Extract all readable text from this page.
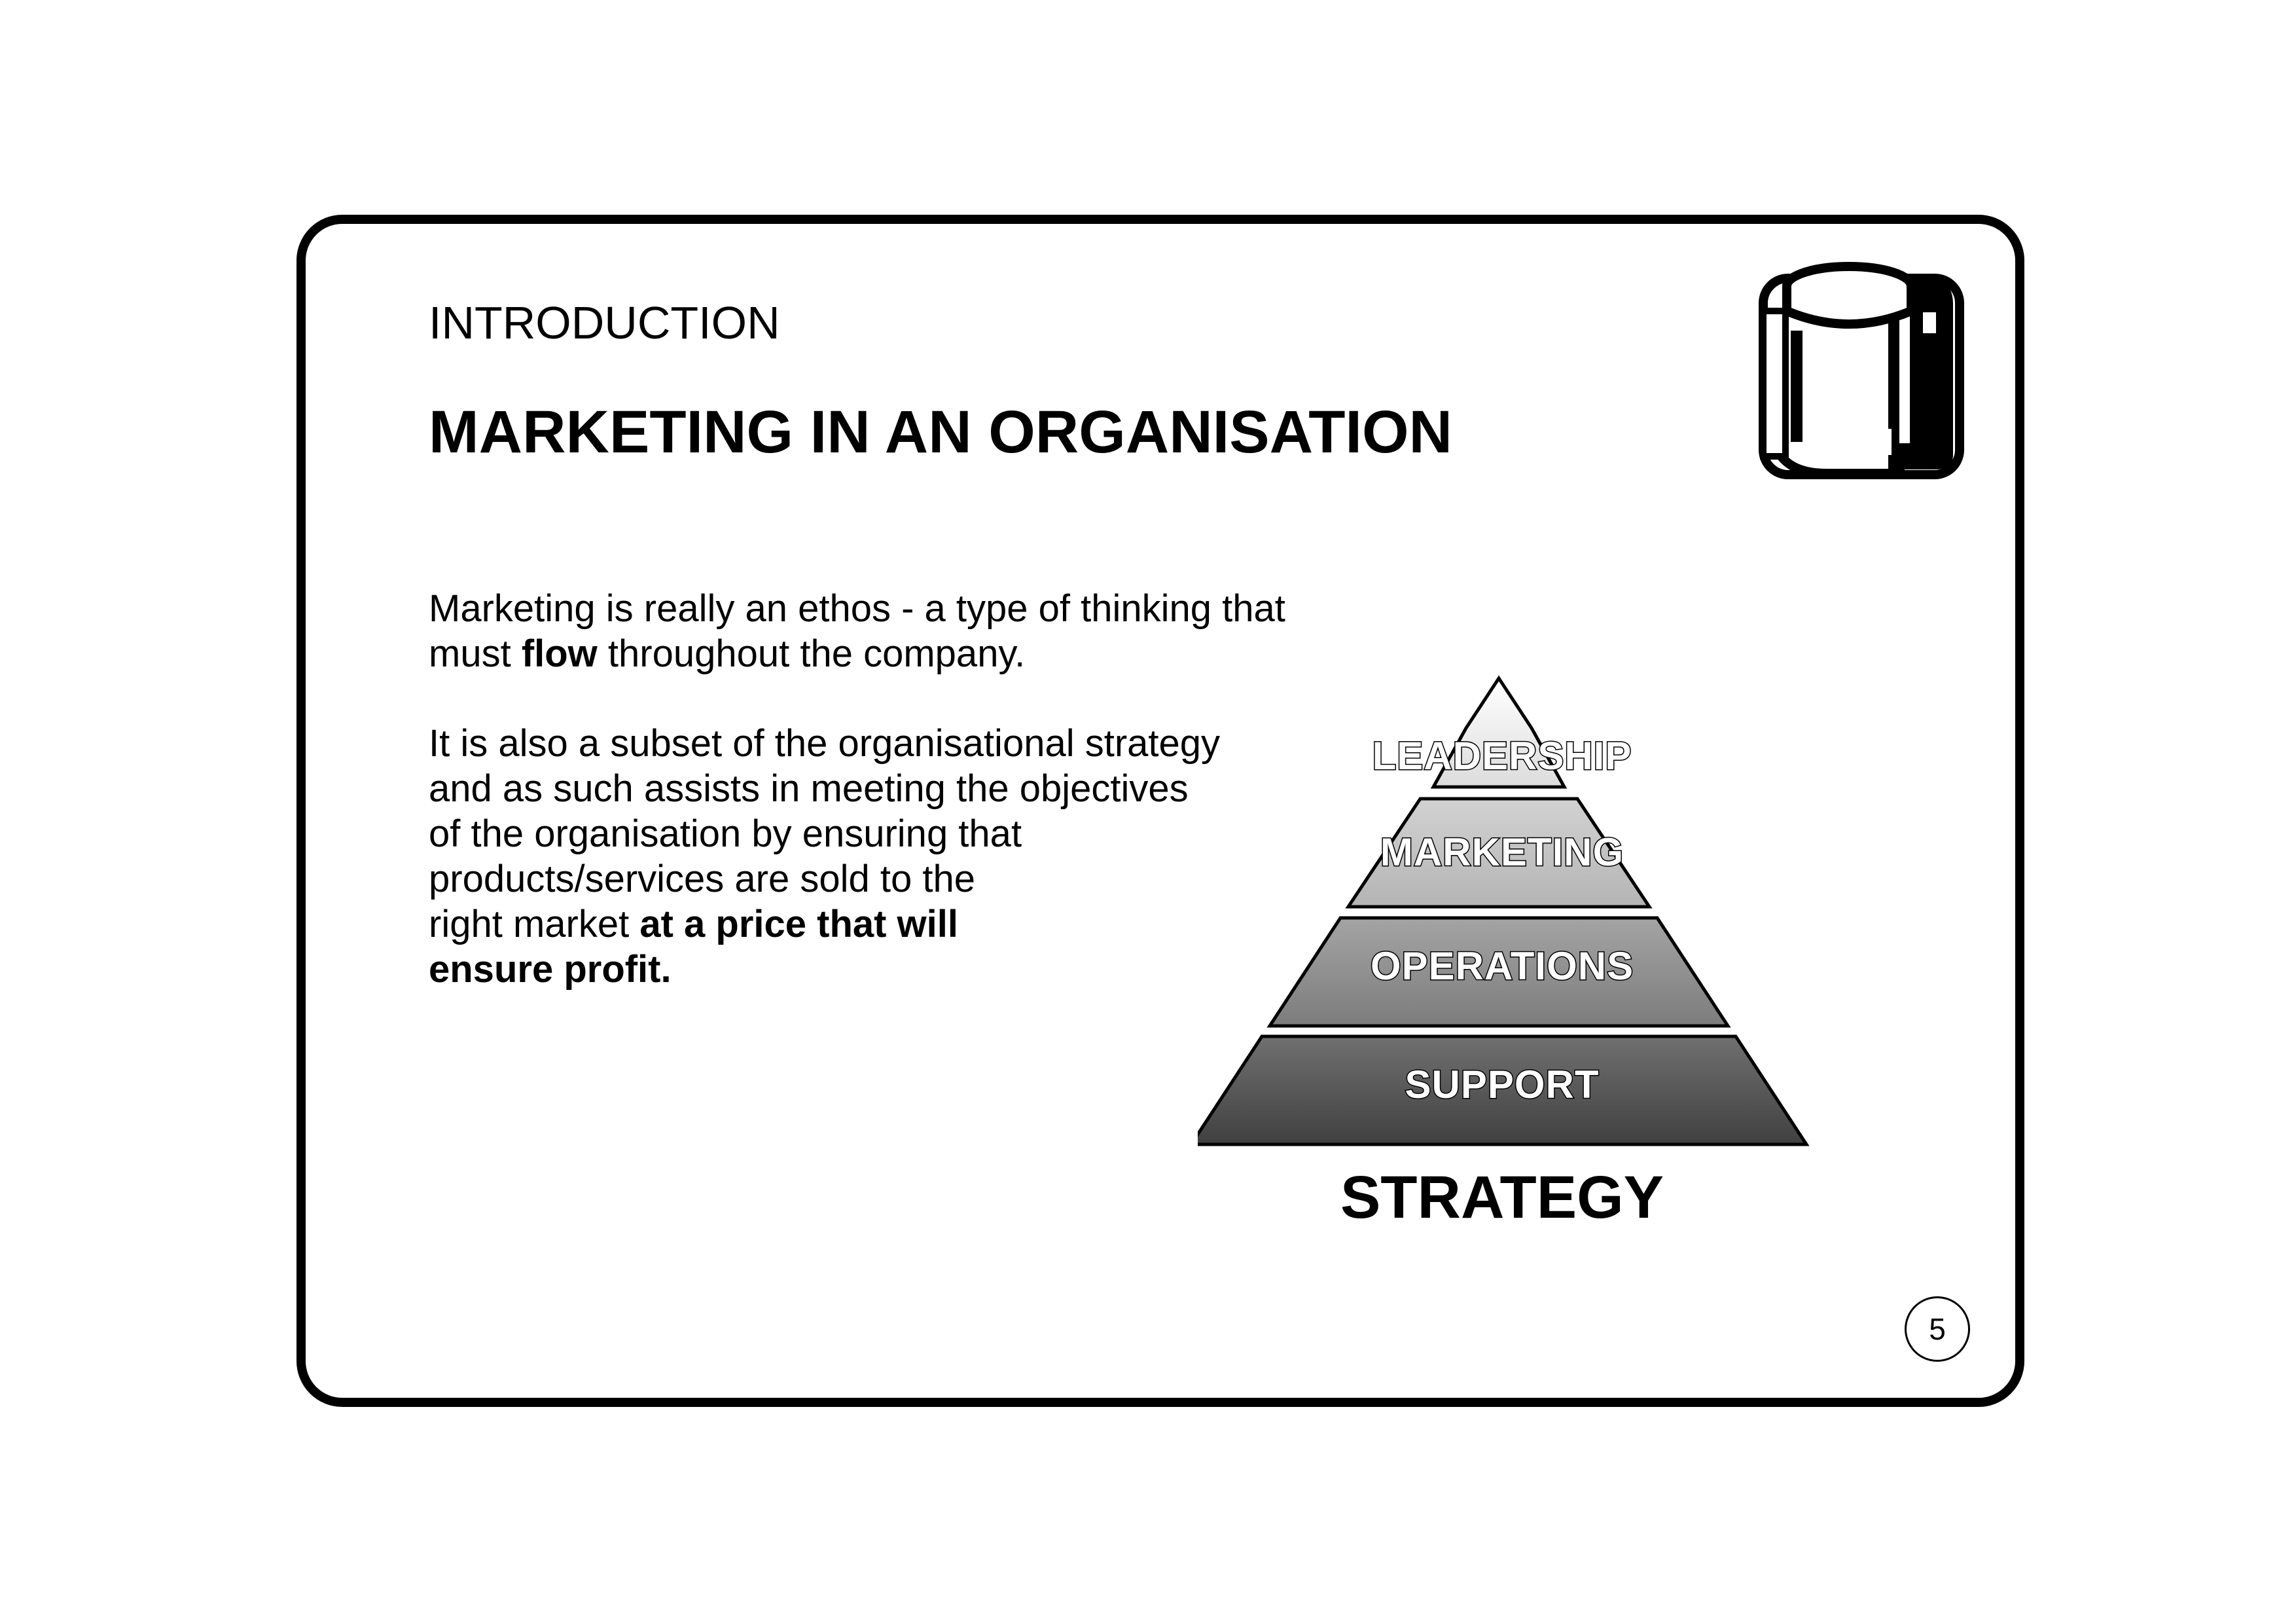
INTRODUCTION
MARKETING IN AN ORGANISATION

Marketing is really an ethos - a type of thinking that
must flow throughout the company.

It is also a subset of the organisational strategy
and as such assists in meeting the objectives
of the organisation by ensuring that
products/services are sold to the
right market at a price that will
ensure profit.

LEADERSHIP
MARKETING
OPERATIONS
SUPPORT
STRATEGY
5
